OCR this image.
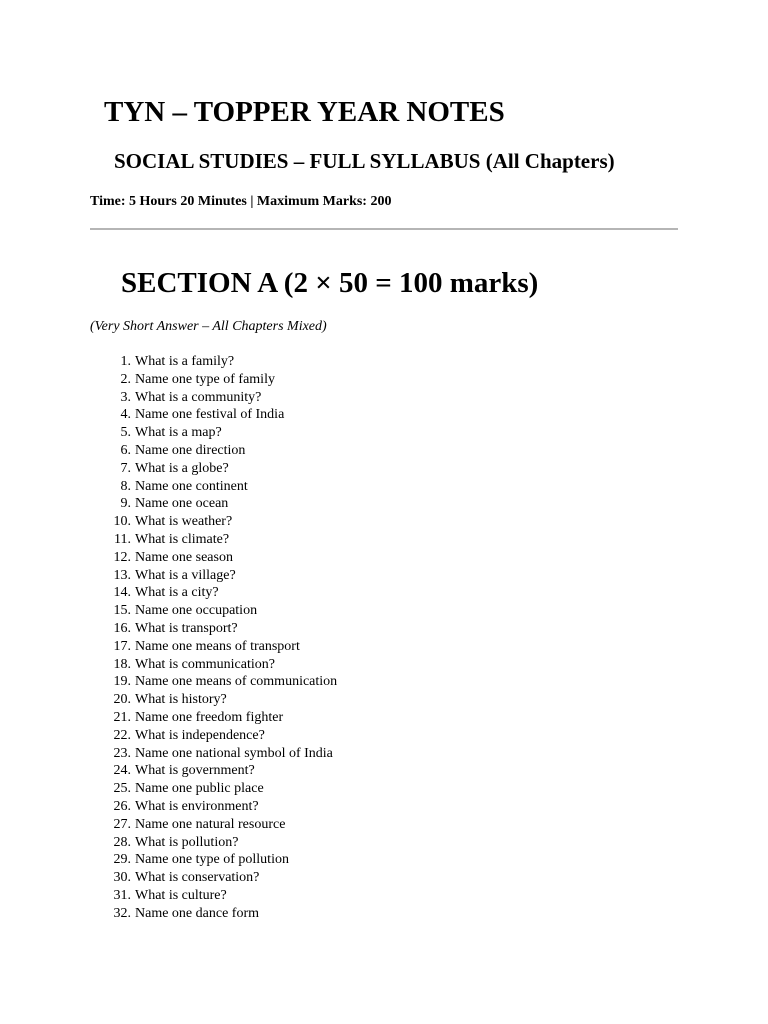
TYN – TOPPER YEAR NOTES
SOCIAL STUDIES – FULL SYLLABUS (All Chapters)

Time: 5 Hours 20 Minutes | Maximum Marks: 200

SECTION A (2 × 50 = 100 marks)

(Very Short Answer – All Chapters Mixed)

1. What is a family?
2. Name one type of family
3. What is a community?
4. Name one festival of India
5. What is a map?
6. Name one direction
7. What is a globe?
8. Name one continent
9. Name one ocean
10. What is weather?
11. What is climate?
12. Name one season
13. What is a village?
14. What is a city?
15. Name one occupation
16. What is transport?
17. Name one means of transport
18. What is communication?
19. Name one means of communication
20. What is history?
21. Name one freedom fighter
22. What is independence?
23. Name one national symbol of India
24. What is government?
25. Name one public place
26. What is environment?
27. Name one natural resource
28. What is pollution?
29. Name one type of pollution
30. What is conservation?
31. What is culture?
32. Name one dance form
